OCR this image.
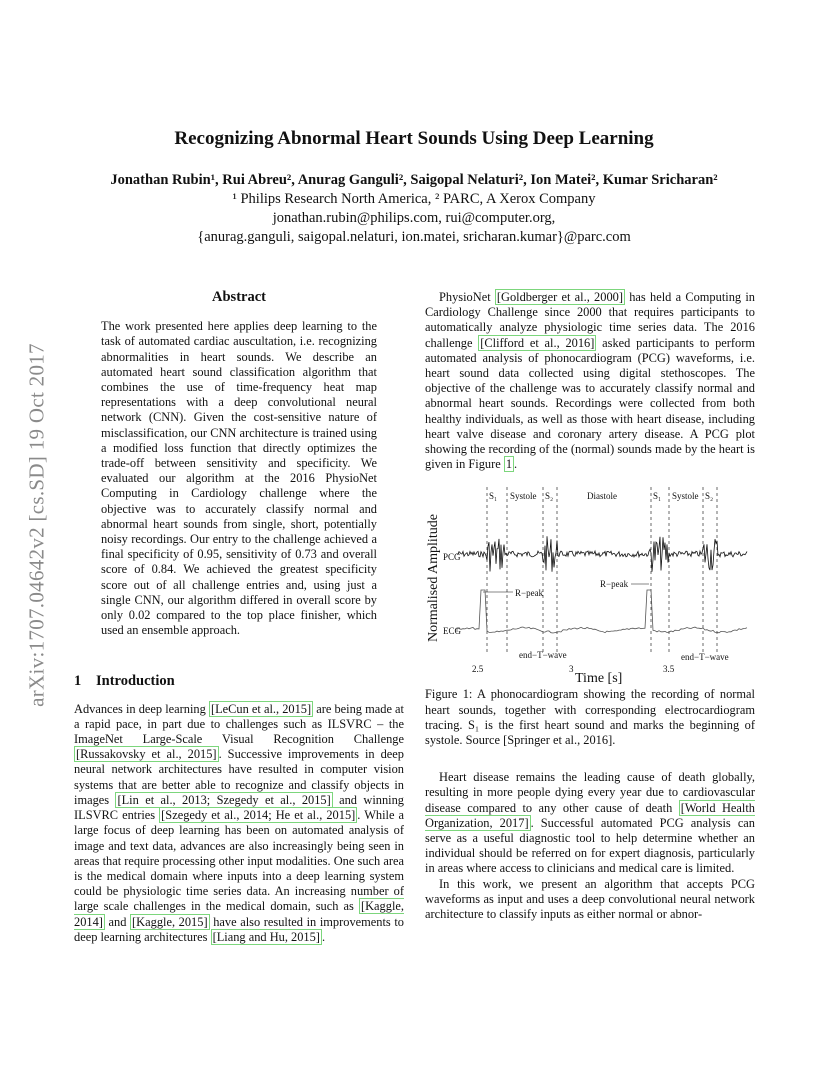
arXiv:1707.04642v2 [cs.SD] 19 Oct 2017
Recognizing Abnormal Heart Sounds Using Deep Learning
Jonathan Rubin¹, Rui Abreu², Anurag Ganguli², Saigopal Nelaturi², Ion Matei², Kumar Sricharan²
¹ Philips Research North America, ² PARC, A Xerox Company
jonathan.rubin@philips.com, rui@computer.org,
{anurag.ganguli, saigopal.nelaturi, ion.matei, sricharan.kumar}@parc.com
Abstract
The work presented here applies deep learning to the task of automated cardiac auscultation, i.e. recognizing abnormalities in heart sounds. We describe an automated heart sound classification algorithm that combines the use of time-frequency heat map representations with a deep convolutional neural network (CNN). Given the cost-sensitive nature of misclassification, our CNN architecture is trained using a modified loss function that directly optimizes the trade-off between sensitivity and specificity. We evaluated our algorithm at the 2016 PhysioNet Computing in Cardiology challenge where the objective was to accurately classify normal and abnormal heart sounds from single, short, potentially noisy recordings. Our entry to the challenge achieved a final specificity of 0.95, sensitivity of 0.73 and overall score of 0.84. We achieved the greatest specificity score out of all challenge entries and, using just a single CNN, our algorithm differed in overall score by only 0.02 compared to the top place finisher, which used an ensemble approach.
1 Introduction

Advances in deep learning [LeCun et al., 2015] are being made at a rapid pace, in part due to challenges such as ILSVRC – the ImageNet Large-Scale Visual Recognition Challenge [Russakovsky et al., 2015] . Successive improvements in deep neural network architectures have resulted in computer vision systems that are better able to recognize and classify objects in images [Lin et al., 2013; Szegedy et al., 2015] and winning ILSVRC entries [Szegedy et al., 2014; He et al., 2015] . While a large focus of deep learning has been on automated analysis of image and text data, advances are also increasingly being seen in areas that require processing other input modalities. One such area is the medical domain where inputs into a deep learning system could be physiologic time series data. An increasing number of large scale challenges in the medical domain, such as [Kaggle, 2014] and [Kaggle, 2015] have also resulted in improvements to deep learning architectures [Liang and Hu, 2015] .

PhysioNet [Goldberger et al., 2000] has held a Computing in Cardiology Challenge since 2000 that requires participants to automatically analyze physiologic time series data. The 2016 challenge [Clifford et al., 2016] asked participants to perform automated analysis of phonocardiogram (PCG) waveforms, i.e. heart sound data collected using digital stethoscopes. The objective of the challenge was to accurately classify normal and abnormal heart sounds. Recordings were collected from both healthy individuals, as well as those with heart disease, including heart valve disease and coronary artery disease. A PCG plot showing the recording of the (normal) sounds made by the heart is given in Figure 1 .

Normalised Amplitude
S₁ Systole S₂	Diastole	S₁ Systole S₂
PCG
ECG
R−peak
R−peak
end−T−wave	end−T−wave
2.5	3	3.5
Time [s]

Figure 1: A phonocardiogram showing the recording of normal heart sounds, together with corresponding electrocardiogram tracing. S₁ is the first heart sound and marks the beginning of systole. Source [Springer et al., 2016].

Heart disease remains the leading cause of death globally, resulting in more people dying every year due to cardiovascular disease compared to any other cause of death [World Health Organization, 2017] . Successful automated PCG analysis can serve as a useful diagnostic tool to help determine whether an individual should be referred on for expert diagnosis, particularly in areas where access to clinicians and medical care is limited.

In this work, we present an algorithm that accepts PCG waveforms as input and uses a deep convolutional neural network architecture to classify inputs as either normal or abnor-
